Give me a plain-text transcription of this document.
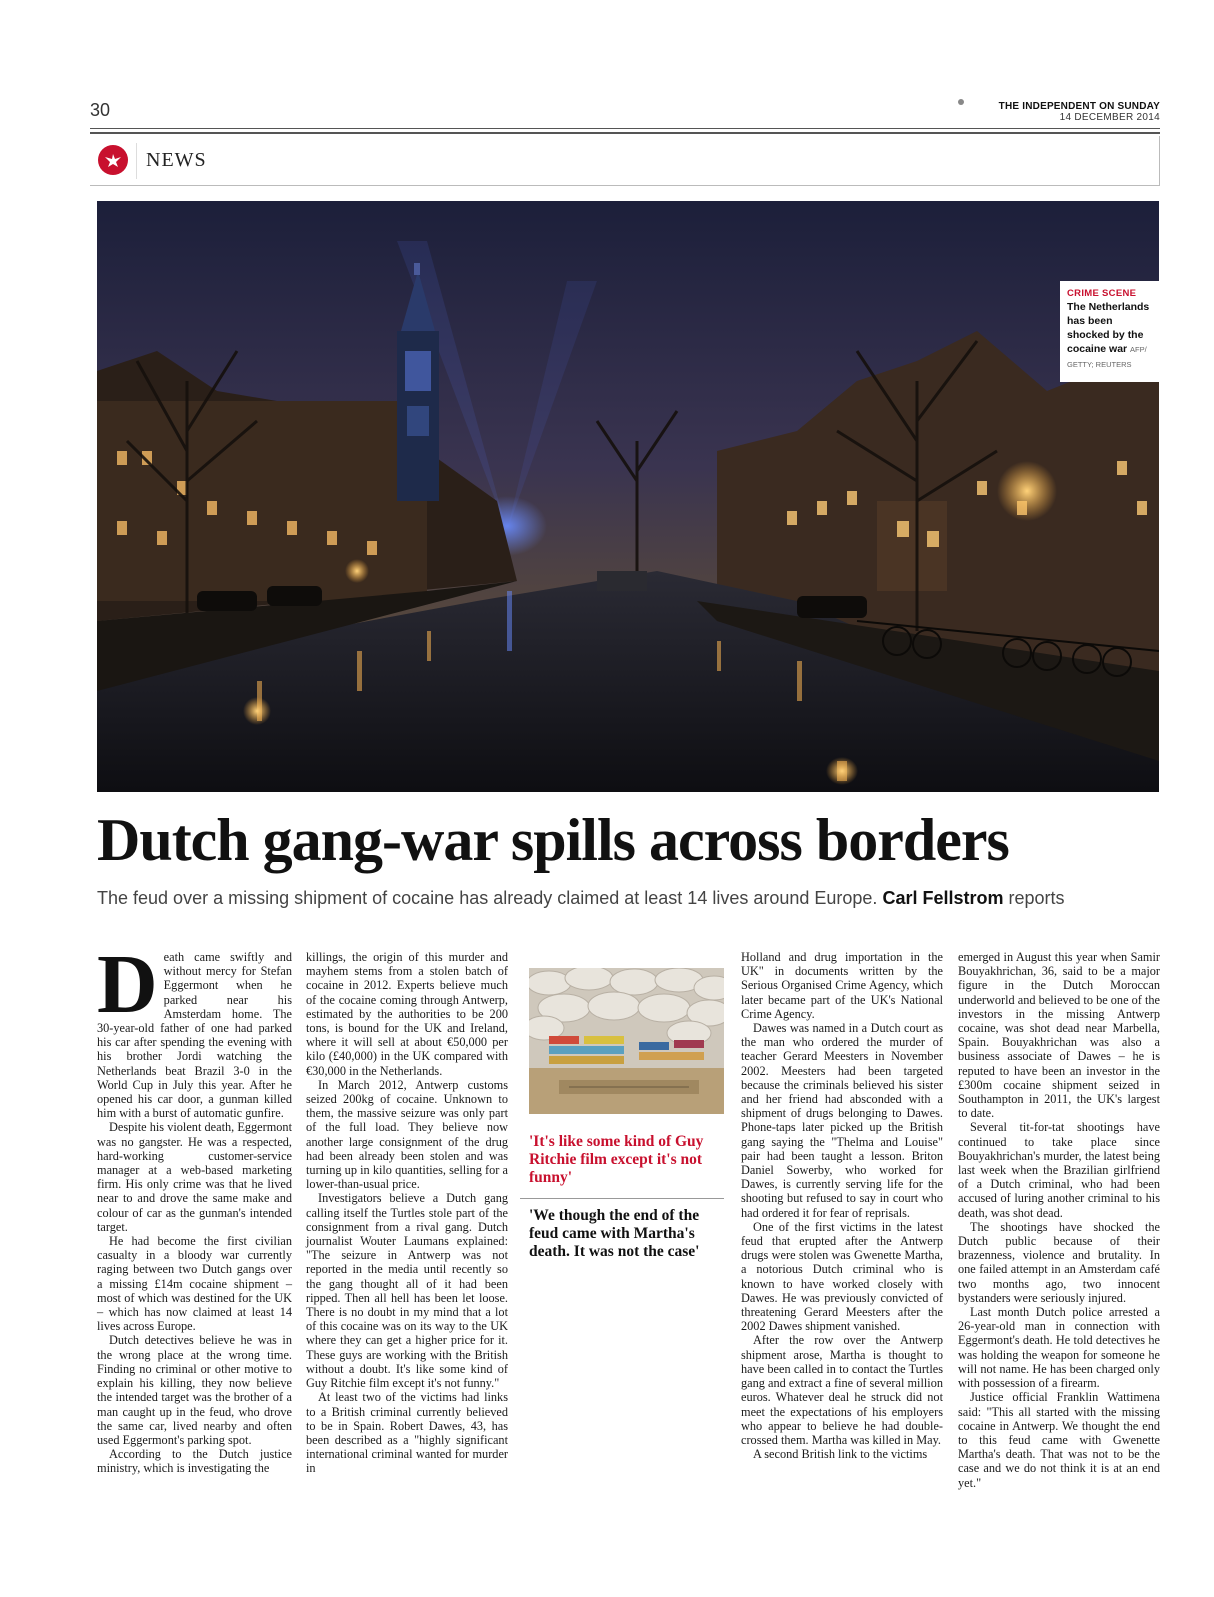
30	THE INDEPENDENT ON SUNDAY
14 DECEMBER 2014
NEWS
CRIME SCENE
The Netherlands has been shocked by the cocaine war AFP/ GETTY; REUTERS
Dutch gang-war spills across borders
The feud over a missing shipment of cocaine has already claimed at least 14 lives around Europe. Carl Fellstrom reports

Death came swiftly and without mercy for Stefan Eggermont when he parked near his Amsterdam home. The 30-year-old father of one had parked his car after spending the evening with his brother Jordi watching the Netherlands beat Brazil 3-0 in the World Cup in July this year. After he opened his car door, a gunman killed him with a burst of automatic gunfire.

Despite his violent death, Eggermont was no gangster. He was a respected, hard-working customer-service manager at a web-based marketing firm. His only crime was that he lived near to and drove the same make and colour of car as the gunman's intended target.

He had become the first civilian casualty in a bloody war currently raging between two Dutch gangs over a missing £14m cocaine shipment – most of which was destined for the UK – which has now claimed at least 14 lives across Europe.

Dutch detectives believe he was in the wrong place at the wrong time. Finding no criminal or other motive to explain his killing, they now believe the intended target was the brother of a man caught up in the feud, who drove the same car, lived nearby and often used Eggermont's parking spot.

According to the Dutch justice ministry, which is investigating the

killings, the origin of this murder and mayhem stems from a stolen batch of cocaine in 2012. Experts believe much of the cocaine coming through Antwerp, estimated by the authorities to be 200 tons, is bound for the UK and Ireland, where it will sell at about €50,000 per kilo (£40,000) in the UK compared with €30,000 in the Netherlands.

In March 2012, Antwerp customs seized 200kg of cocaine. Unknown to them, the massive seizure was only part of the full load. They believe now another large consignment of the drug had been already been stolen and was turning up in kilo quantities, selling for a lower-than-usual price.

Investigators believe a Dutch gang calling itself the Turtles stole part of the consignment from a rival gang. Dutch journalist Wouter Laumans explained: "The seizure in Antwerp was not reported in the media until recently so the gang thought all of it had been ripped. Then all hell has been let loose. There is no doubt in my mind that a lot of this cocaine was on its way to the UK where they can get a higher price for it. These guys are working with the British without a doubt. It's like some kind of Guy Ritchie film except it's not funny."

At least two of the victims had links to a British criminal currently believed to be in Spain. Robert Dawes, 43, has been described as a "highly significant international criminal wanted for murder in

'It's like some kind of Guy Ritchie film except it's not funny'
'We though the end of the feud came with Martha's death. It was not the case'

Holland and drug importation in the UK" in documents written by the Serious Organised Crime Agency, which later became part of the UK's National Crime Agency.

Dawes was named in a Dutch court as the man who ordered the murder of teacher Gerard Meesters in November 2002. Meesters had been targeted because the criminals believed his sister and her friend had absconded with a shipment of drugs belonging to Dawes. Phone-taps later picked up the British gang saying the "Thelma and Louise" pair had been taught a lesson. Briton Daniel Sowerby, who worked for Dawes, is currently serving life for the shooting but refused to say in court who had ordered it for fear of reprisals.

One of the first victims in the latest feud that erupted after the Antwerp drugs were stolen was Gwenette Martha, a notorious Dutch criminal who is known to have worked closely with Dawes. He was previously convicted of threatening Gerard Meesters after the 2002 Dawes shipment vanished.

After the row over the Antwerp shipment arose, Martha is thought to have been called in to contact the Turtles gang and extract a fine of several million euros. Whatever deal he struck did not meet the expectations of his employers who appear to believe he had double-crossed them. Martha was killed in May.

A second British link to the victims

emerged in August this year when Samir Bouyakhrichan, 36, said to be a major figure in the Dutch Moroccan underworld and believed to be one of the investors in the missing Antwerp cocaine, was shot dead near Marbella, Spain. Bouyakhrichan was also a business associate of Dawes – he is reputed to have been an investor in the £300m cocaine shipment seized in Southampton in 2011, the UK's largest to date.

Several tit-for-tat shootings have continued to take place since Bouyakhrichan's murder, the latest being last week when the Brazilian girlfriend of a Dutch criminal, who had been accused of luring another criminal to his death, was shot dead.

The shootings have shocked the Dutch public because of their brazenness, violence and brutality. In one failed attempt in an Amsterdam café two months ago, two innocent bystanders were seriously injured.

Last month Dutch police arrested a 26-year-old man in connection with Eggermont's death. He told detectives he was holding the weapon for someone he will not name. He has been charged only with possession of a firearm.

Justice official Franklin Wattimena said: "This all started with the missing cocaine in Antwerp. We thought the end to this feud came with Gwenette Martha's death. That was not to be the case and we do not think it is at an end yet."
